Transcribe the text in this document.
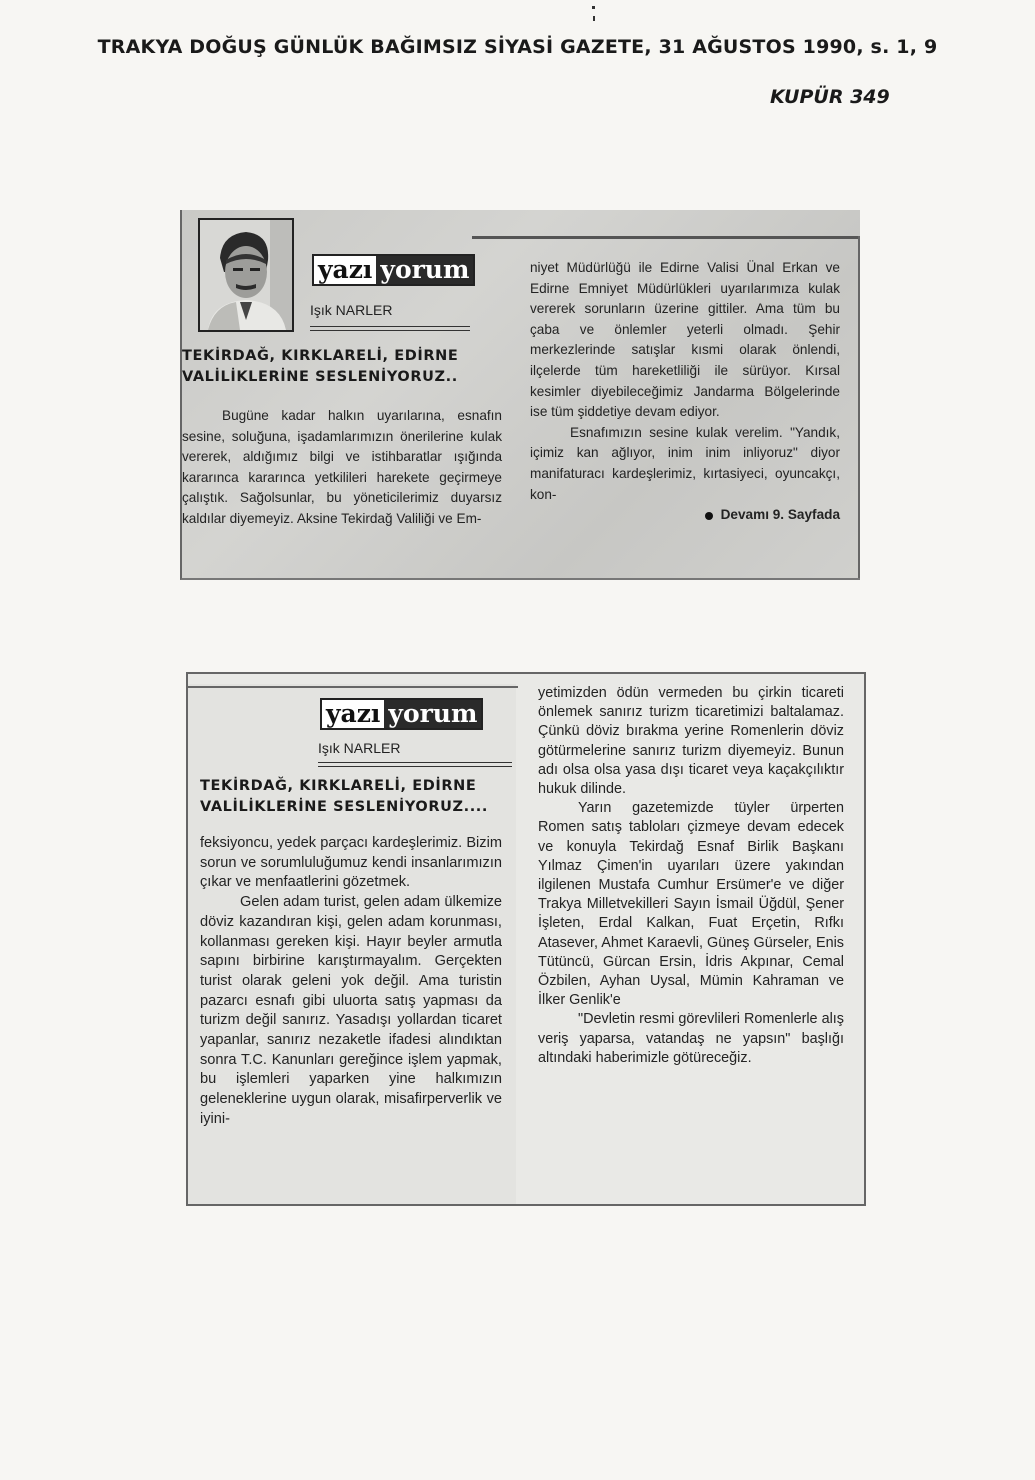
TRAKYA DOĞUŞ GÜNLÜK BAĞIMSIZ SİYASİ GAZETE, 31 AĞUSTOS 1990, s. 1, 9
KUPÜR 349
yazı yorum
Işık NARLER
TEKİRDAĞ, KIRKLARELİ, EDİRNE
VALİLİKLERİNE SESLENİYORUZ..

Bugüne kadar halkın uyarılarına, esnafın sesine, soluğuna, işadamlarımızın önerilerine kulak vererek, aldığımız bilgi ve istihbaratlar ışığında kararınca kararınca yetkilileri harekete geçirmeye çalıştık. Sağolsunlar, bu yöneticilerimiz duyarsız kaldılar diyemeyiz. Aksine Tekirdağ Valiliği ve Em-

niyet Müdürlüğü ile Edirne Valisi Ünal Erkan ve Edirne Emniyet Müdürlükleri uyarılarımıza kulak vererek sorunların üzerine gittiler. Ama tüm bu çaba ve önlemler yeterli olmadı. Şehir merkezlerinde satışlar kısmi olarak önlendi, ilçelerde tüm hareketliliği ile sürüyor. Kırsal kesimler diyebileceğimiz Jandarma Bölgelerinde ise tüm şiddetiye devam ediyor.

Esnafımızın sesine kulak verelim. "Yandık, içimiz kan ağlıyor, inim inim inliyoruz" diyor manifaturacı kardeşlerimiz, kırtasiyeci, oyuncakçı, kon-

Devamı 9. Sayfada

yazı yorum
Işık NARLER
TEKİRDAĞ, KIRKLARELİ, EDİRNE
VALİLİKLERİNE SESLENİYORUZ....

feksiyoncu, yedek parçacı kardeşlerimiz. Bizim sorun ve sorumluluğumuz kendi insanlarımızın çıkar ve menfaatlerini gözetmek.

Gelen adam turist, gelen adam ülkemize döviz kazandıran kişi, gelen adam korunması, kollanması gereken kişi. Hayır beyler armutla sapını birbirine karıştırmayalım. Gerçekten turist olarak geleni yok değil. Ama turistin pazarcı esnafı gibi uluorta satış yapması da turizm değil sanırız. Yasadışı yollardan ticaret yapanlar, sanırız nezaketle ifadesi alındıktan sonra T.C. Kanunları gereğince işlem yapmak, bu işlemleri yaparken yine halkımızın geleneklerine uygun olarak, misafirperverlik ve iyini-

yetimizden ödün vermeden bu çirkin ticareti önlemek sanırız turizm ticaretimizi baltalamaz. Çünkü döviz bırakma yerine Romenlerin döviz götürmelerine sanırız turizm diyemeyiz. Bunun adı olsa olsa yasa dışı ticaret veya kaçakçılıktır hukuk dilinde.

Yarın gazetemizde tüyler ürperten Romen satış tabloları çizmeye devam edecek ve konuyla Tekirdağ Esnaf Birlik Başkanı Yılmaz Çimen'in uyarıları üzere yakından ilgilenen Mustafa Cumhur Ersümer'e ve diğer Trakya Milletvekilleri Sayın İsmail Üğdül, Şener İşleten, Erdal Kalkan, Fuat Erçetin, Rıfkı Atasever, Ahmet Karaevli, Güneş Gürseler, Enis Tütüncü, Gürcan Ersin, İdris Akpınar, Cemal Özbilen, Ayhan Uysal, Mümin Kahraman ve İlker Genlik'e

"Devletin resmi görevlileri Romenlerle alış veriş yaparsa, vatandaş ne yapsın" başlığı altındaki haberimizle götüreceğiz.
